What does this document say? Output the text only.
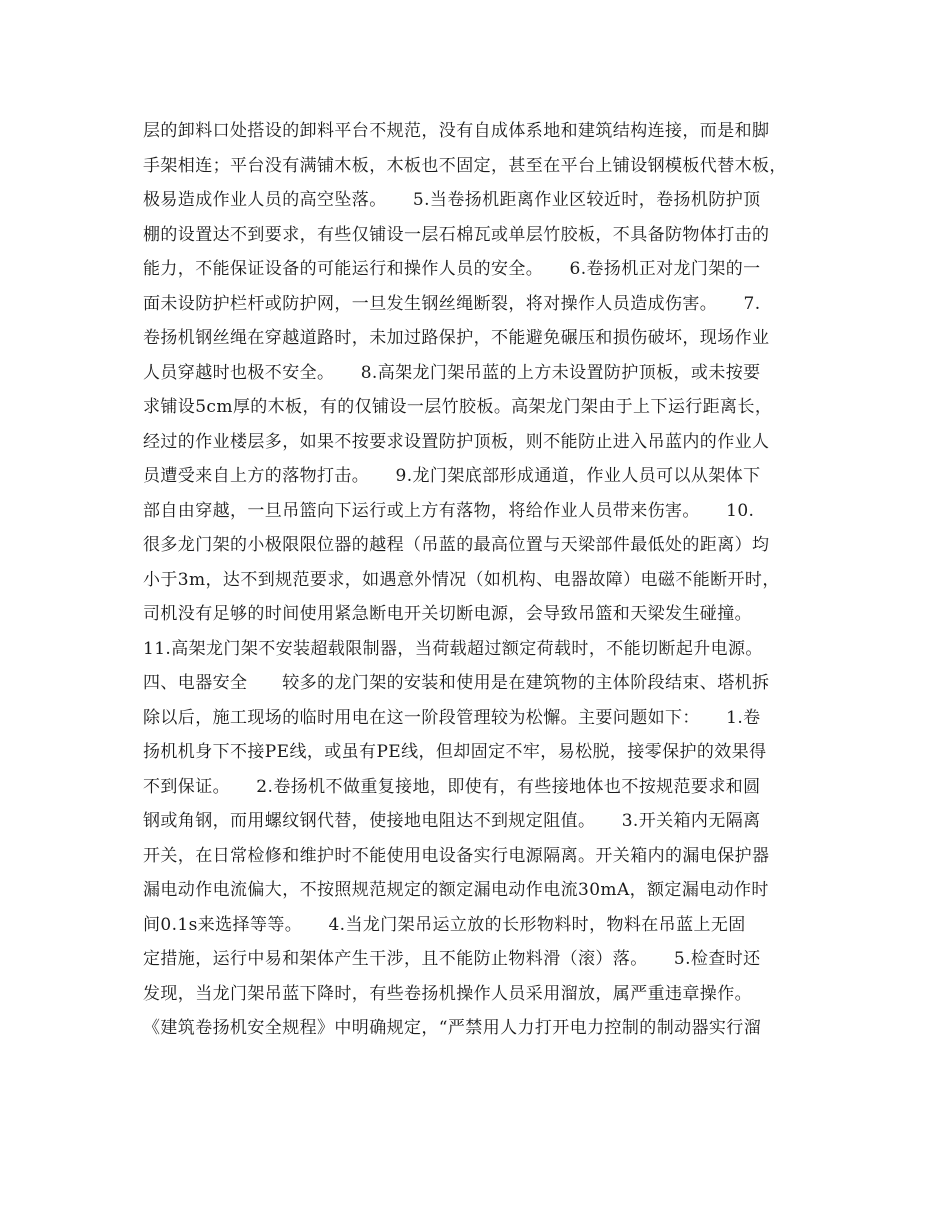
层的卸料口处搭设的卸料平台不规范，没有自成体系地和建筑结构连接，而是和脚
手架相连；平台没有满铺木板，木板也不固定，甚至在平台上铺设钢模板代替木板，
极易造成作业人员的高空坠落。　　5.当卷扬机距离作业区较近时，卷扬机防护顶
棚的设置达不到要求，有些仅铺设一层石棉瓦或单层竹胶板，不具备防物体打击的
能力，不能保证设备的可能运行和操作人员的安全。　　6.卷扬机正对龙门架的一
面未设防护栏杆或防护网，一旦发生钢丝绳断裂，将对操作人员造成伤害。　　7.
卷扬机钢丝绳在穿越道路时，未加过路保护，不能避免碾压和损伤破坏，现场作业
人员穿越时也极不安全。　　8.高架龙门架吊蓝的上方未设置防护顶板，或未按要
求铺设5cm厚的木板，有的仅铺设一层竹胶板。高架龙门架由于上下运行距离长，
经过的作业楼层多，如果不按要求设置防护顶板，则不能防止进入吊蓝内的作业人
员遭受来自上方的落物打击。　　9.龙门架底部形成通道，作业人员可以从架体下
部自由穿越，一旦吊篮向下运行或上方有落物，将给作业人员带来伤害。　　10.
很多龙门架的小极限限位器的越程（吊蓝的最高位置与天梁部件最低处的距离）均
小于3m，达不到规范要求，如遇意外情况（如机构、电器故障）电磁不能断开时，
司机没有足够的时间使用紧急断电开关切断电源，会导致吊篮和天梁发生碰撞。
11.高架龙门架不安装超载限制器，当荷载超过额定荷载时，不能切断起升电源。
四、电器安全　　较多的龙门架的安装和使用是在建筑物的主体阶段结束、塔机拆
除以后，施工现场的临时用电在这一阶段管理较为松懈。主要问题如下：　　1.卷
扬机机身下不接PE线，或虽有PE线，但却固定不牢，易松脱，接零保护的效果得
不到保证。　　2.卷扬机不做重复接地，即使有，有些接地体也不按规范要求和圆
钢或角钢，而用螺纹钢代替，使接地电阻达不到规定阻值。　　3.开关箱内无隔离
开关，在日常检修和维护时不能使用电设备实行电源隔离。开关箱内的漏电保护器
漏电动作电流偏大，不按照规范规定的额定漏电动作电流30mA，额定漏电动作时
间0.1s来选择等等。　　4.当龙门架吊运立放的长形物料时，物料在吊蓝上无固
定措施，运行中易和架体产生干涉，且不能防止物料滑（滚）落。　　5.检查时还
发现，当龙门架吊蓝下降时，有些卷扬机操作人员采用溜放，属严重违章操作。
《建筑卷扬机安全规程》中明确规定，“严禁用人力打开电力控制的制动器实行溜
